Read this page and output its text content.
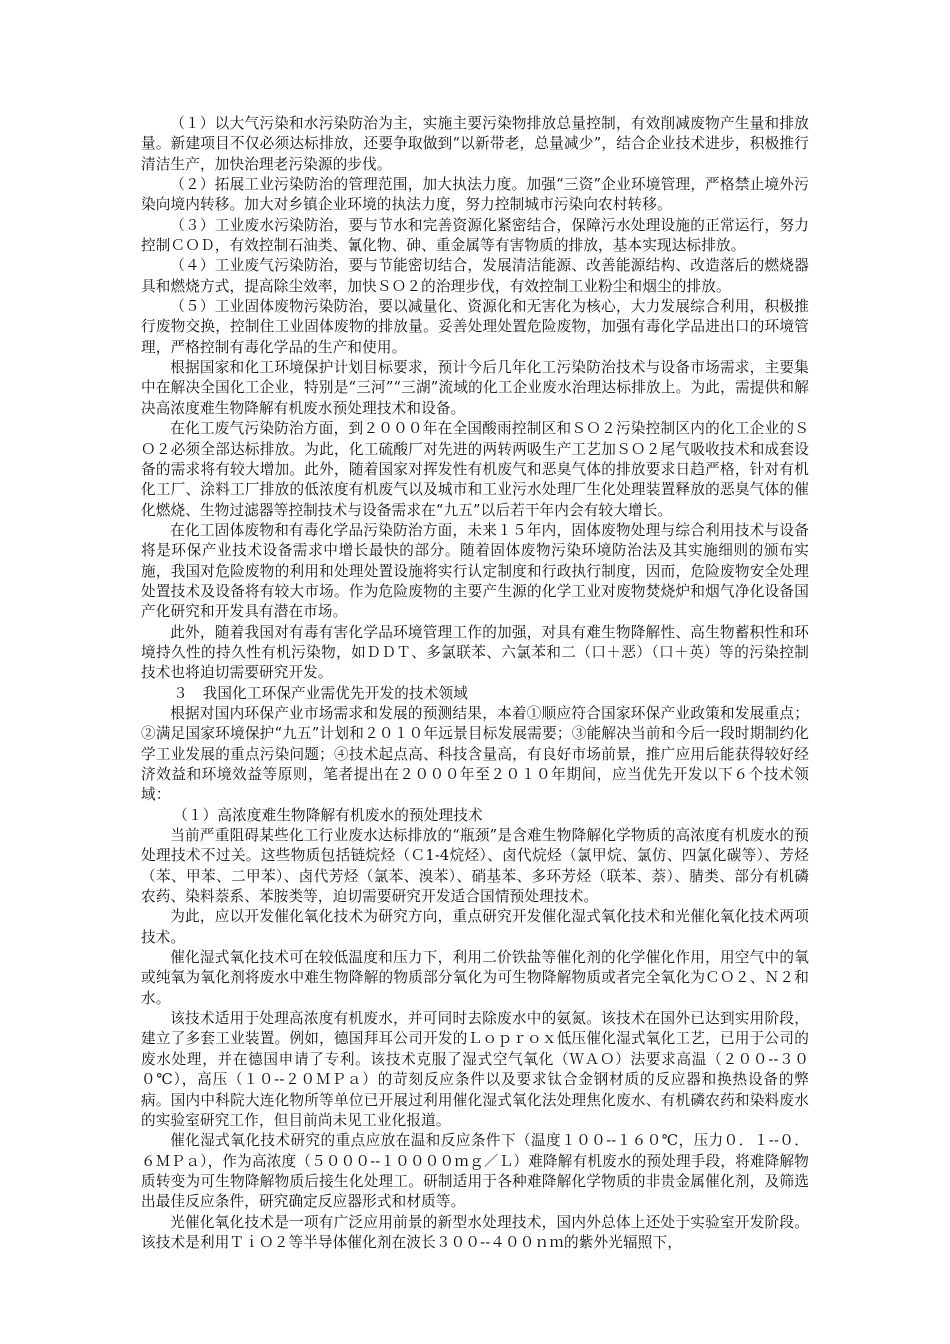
（１）以大气污染和水污染防治为主，实施主要污染物排放总量控制，有效削减废物产生量和排放量。新建项目不仅必须达标排放，还要争取做到“以新带老，总量减少”，结合企业技术进步，积极推行清洁生产，加快治理老污染源的步伐。

（２）拓展工业污染防治的管理范围，加大执法力度。加强“三资”企业环境管理，严格禁止境外污染向境内转移。加大对乡镇企业环境的执法力度，努力控制城市污染向农村转移。

（３）工业废水污染防治，要与节水和完善资源化紧密结合，保障污水处理设施的正常运行，努力控制ＣＯＤ，有效控制石油类、氰化物、砷、重金属等有害物质的排放，基本实现达标排放。

（４）工业废气污染防治，要与节能密切结合，发展清洁能源、改善能源结构、改造落后的燃烧器具和燃烧方式，提高除尘效率，加快ＳＯ２的治理步伐，有效控制工业粉尘和烟尘的排放。

（５）工业固体废物污染防治，要以减量化、资源化和无害化为核心，大力发展综合利用，积极推行废物交换，控制住工业固体废物的排放量。妥善处理处置危险废物，加强有毒化学品进出口的环境管理，严格控制有毒化学品的生产和使用。

根据国家和化工环境保护计划目标要求，预计今后几年化工污染防治技术与设备市场需求，主要集中在解决全国化工企业，特别是“三河”“三湖”流域的化工企业废水治理达标排放上。为此，需提供和解决高浓度难生物降解有机废水预处理技术和设备。

在化工废气污染防治方面，到２０００年在全国酸雨控制区和ＳＯ２污染控制区内的化工企业的ＳＯ２必须全部达标排放。为此，化工硫酸厂对先进的两转两吸生产工艺加ＳＯ２尾气吸收技术和成套设备的需求将有较大增加。此外，随着国家对挥发性有机废气和恶臭气体的排放要求日趋严格，针对有机化工厂、涂料工厂排放的低浓度有机废气以及城市和工业污水处理厂生化处理装置释放的恶臭气体的催化燃烧、生物过滤器等控制技术与设备需求在“九五”以后若干年内会有较大增长。

在化工固体废物和有毒化学品污染防治方面，未来１５年内，固体废物处理与综合利用技术与设备将是环保产业技术设备需求中增长最快的部分。随着固体废物污染环境防治法及其实施细则的颁布实施，我国对危险废物的利用和处理处置设施将实行认定制度和行政执行制度，因而，危险废物安全处理处置技术及设备将有较大市场。作为危险废物的主要产生源的化学工业对废物焚烧炉和烟气净化设备国产化研究和开发具有潜在市场。

此外，随着我国对有毒有害化学品环境管理工作的加强，对具有难生物降解性、高生物蓄积性和环境持久性的持久性有机污染物，如ＤＤＴ、多氯联苯、六氯苯和二（口＋恶）（口＋英）等的污染控制技术也将迫切需要研究开发。

３　我国化工环保产业需优先开发的技术领域

根据对国内环保产业市场需求和发展的预测结果，本着①顺应符合国家环保产业政策和发展重点；②满足国家环境保护“九五”计划和２０１０年远景目标发展需要；③能解决当前和今后一段时期制约化学工业发展的重点污染问题；④技术起点高、科技含量高，有良好市场前景，推广应用后能获得较好经济效益和环境效益等原则，笔者提出在２０００年至２０１０年期间，应当优先开发以下６个技术领域：

（１）高浓度难生物降解有机废水的预处理技术

当前严重阻碍某些化工行业废水达标排放的“瓶颈”是含难生物降解化学物质的高浓度有机废水的预处理技术不过关。这些物质包括链烷烃（Ｃ1-4烷烃）、卤代烷烃（氯甲烷、氯仿、四氯化碳等）、芳烃（苯、甲苯、二甲苯）、卤代芳烃（氯苯、溴苯）、硝基苯、多环芳烃（联苯、萘）、腈类、部分有机磷农药、染料萘系、苯胺类等，迫切需要研究开发适合国情预处理技术。

为此，应以开发催化氧化技术为研究方向，重点研究开发催化湿式氧化技术和光催化氧化技术两项技术。

催化湿式氧化技术可在较低温度和压力下，利用二价铁盐等催化剂的化学催化作用，用空气中的氧或纯氧为氧化剂将废水中难生物降解的物质部分氧化为可生物降解物质或者完全氧化为ＣＯ２、Ｎ２和水。

该技术适用于处理高浓度有机废水，并可同时去除废水中的氨氮。该技术在国外已达到实用阶段，建立了多套工业装置。例如，德国拜耳公司开发的Ｌｏｐｒｏｘ低压催化湿式氧化工艺，已用于公司的废水处理，并在德国申请了专利。该技术克服了湿式空气氧化（ＷＡＯ）法要求高温（２００--３００℃），高压（１０--２０ＭＰａ）的苛刻反应条件以及要求钛合金钢材质的反应器和换热设备的弊病。国内中科院大连化物所等单位已开展过利用催化湿式氧化法处理焦化废水、有机磷农药和染料废水的实验室研究工作，但目前尚未见工业化报道。

催化湿式氧化技术研究的重点应放在温和反应条件下（温度１００--１６０℃，压力０．１--０．６ＭＰａ），作为高浓度（５０００--１００００ｍｇ／Ｌ）难降解有机废水的预处理手段，将难降解物质转变为可生物降解物质后接生化处理工。研制适用于各种难降解化学物质的非贵金属催化剂，及筛选出最佳反应条件，研究确定反应器形式和材质等。

光催化氧化技术是一项有广泛应用前景的新型水处理技术，国内外总体上还处于实验室开发阶段。该技术是利用ＴｉＯ２等半导体催化剂在波长３００--４００ｎｍ的紫外光辐照下，
